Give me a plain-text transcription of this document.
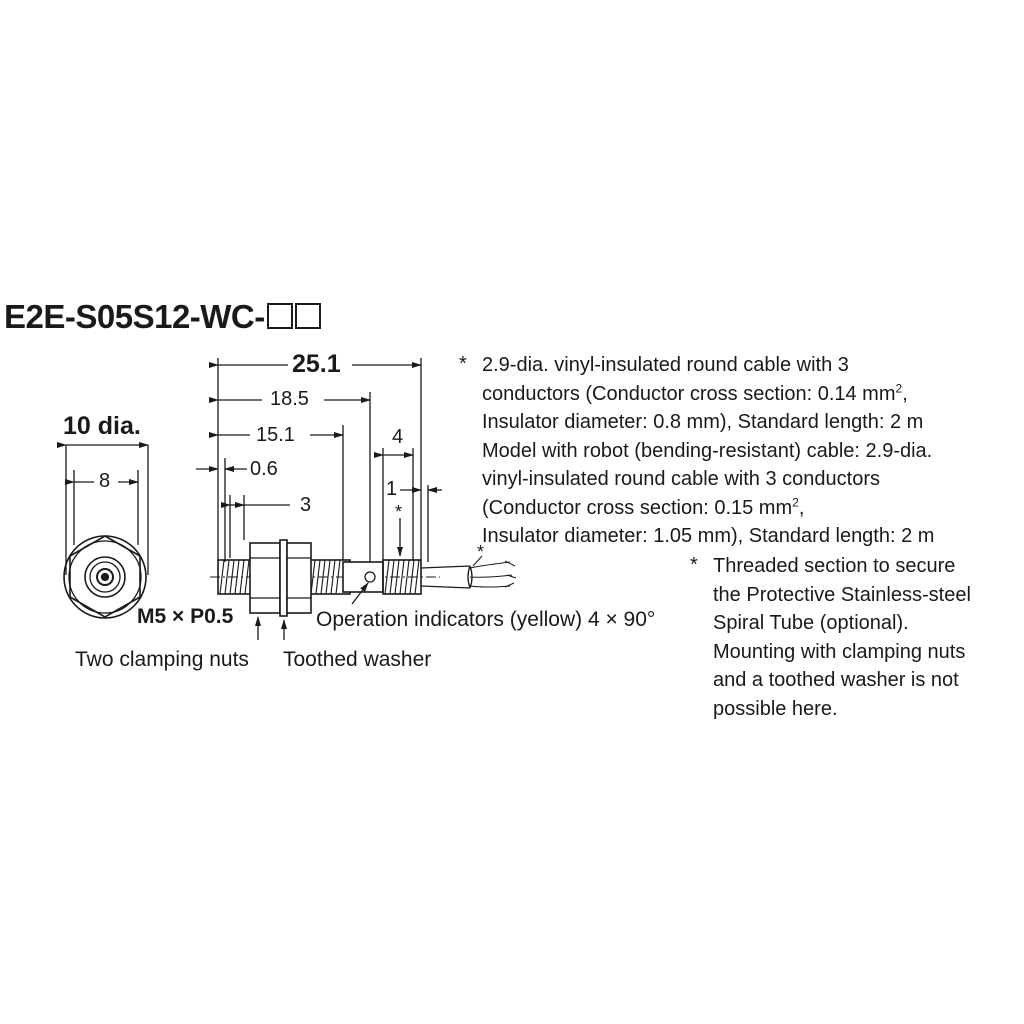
E2E-S05S12-WC-
10 dia.
8
M5 × P0.5
25.1
18.5
15.1
0.6
3
4
1
*
*
Operation indicators (yellow) 4 × 90°
Two clamping nuts Toothed washer
* 2.9-dia. vinyl-insulated round cable with 3
conductors (Conductor cross section: 0.14 $mm^2$,
Insulator diameter: 0.8 mm), Standard length: 2 m
Model with robot (bending-resistant) cable: 2.9-dia.
vinyl-insulated round cable with 3 conductors
(Conductor cross section: 0.15 $mm^2$,
Insulator diameter: 1.05 mm), Standard length: 2 m
* Threaded section to secure
the Protective Stainless-steel
Spiral Tube (optional).
Mounting with clamping nuts
and a toothed washer is not
possible here.
